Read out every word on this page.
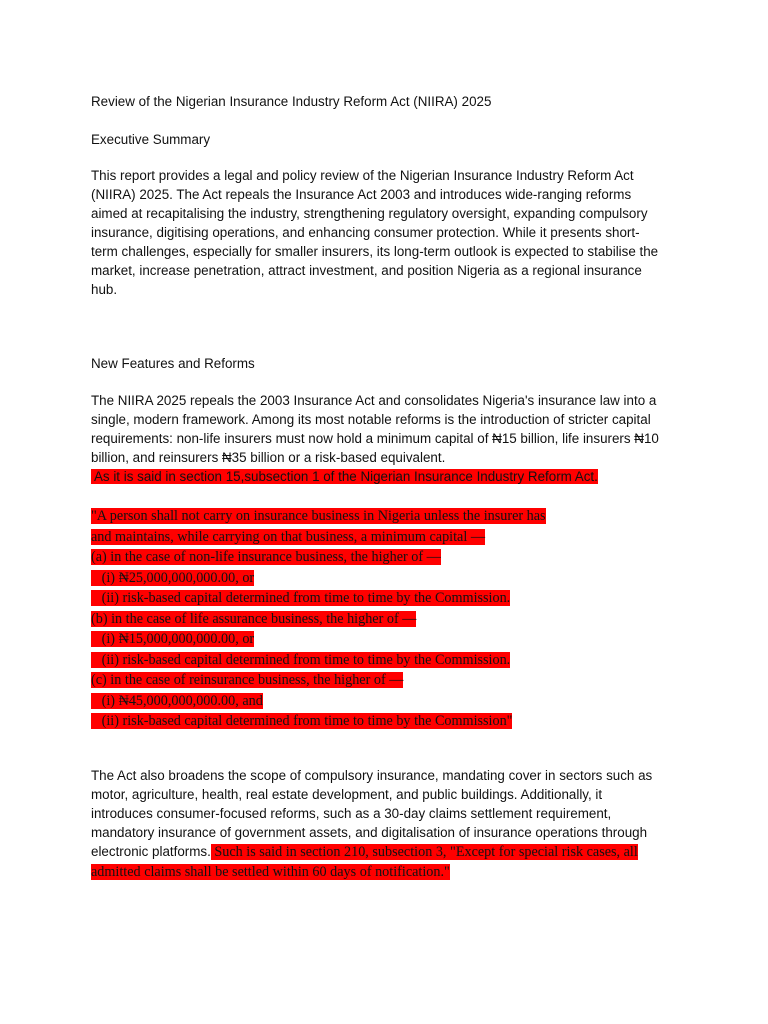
Review of the Nigerian Insurance Industry Reform Act (NIIRA) 2025

Executive Summary

This report provides a legal and policy review of the Nigerian Insurance Industry Reform Act
(NIIRA) 2025. The Act repeals the Insurance Act 2003 and introduces wide-ranging reforms
aimed at recapitalising the industry, strengthening regulatory oversight, expanding compulsory
insurance, digitising operations, and enhancing consumer protection. While it presents short-
term challenges, especially for smaller insurers, its long-term outlook is expected to stabilise the
market, increase penetration, attract investment, and position Nigeria as a regional insurance
hub.

New Features and Reforms

The NIIRA 2025 repeals the 2003 Insurance Act and consolidates Nigeria's insurance law into a
single, modern framework. Among its most notable reforms is the introduction of stricter capital
requirements: non-life insurers must now hold a minimum capital of ₦15 billion, life insurers ₦10
billion, and reinsurers ₦35 billion or a risk-based equivalent.

As it is said in section 15,subsection 1 of the Nigerian Insurance Industry Reform Act.

"A person shall not carry on insurance business in Nigeria unless the insurer has
and maintains, while carrying on that business, a minimum capital —
(a) in the case of non-life insurance business, the higher of —
(i) ₦25,000,000,000.00, or
(ii) risk-based capital determined from time to time by the Commission.
(b) in the case of life assurance business, the higher of —
(i) ₦15,000,000,000.00, or
(ii) risk-based capital determined from time to time by the Commission.
(c) in the case of reinsurance business, the higher of —
(i) ₦45,000,000,000.00, and
(ii) risk-based capital determined from time to time by the Commission"
The Act also broadens the scope of compulsory insurance, mandating cover in sectors such as
motor, agriculture, health, real estate development, and public buildings. Additionally, it
introduces consumer-focused reforms, such as a 30-day claims settlement requirement,
mandatory insurance of government assets, and digitalisation of insurance operations through
electronic platforms. Such is said in section 210, subsection 3, "Except for special risk cases, all

admitted claims shall be settled within 60 days of notification."
